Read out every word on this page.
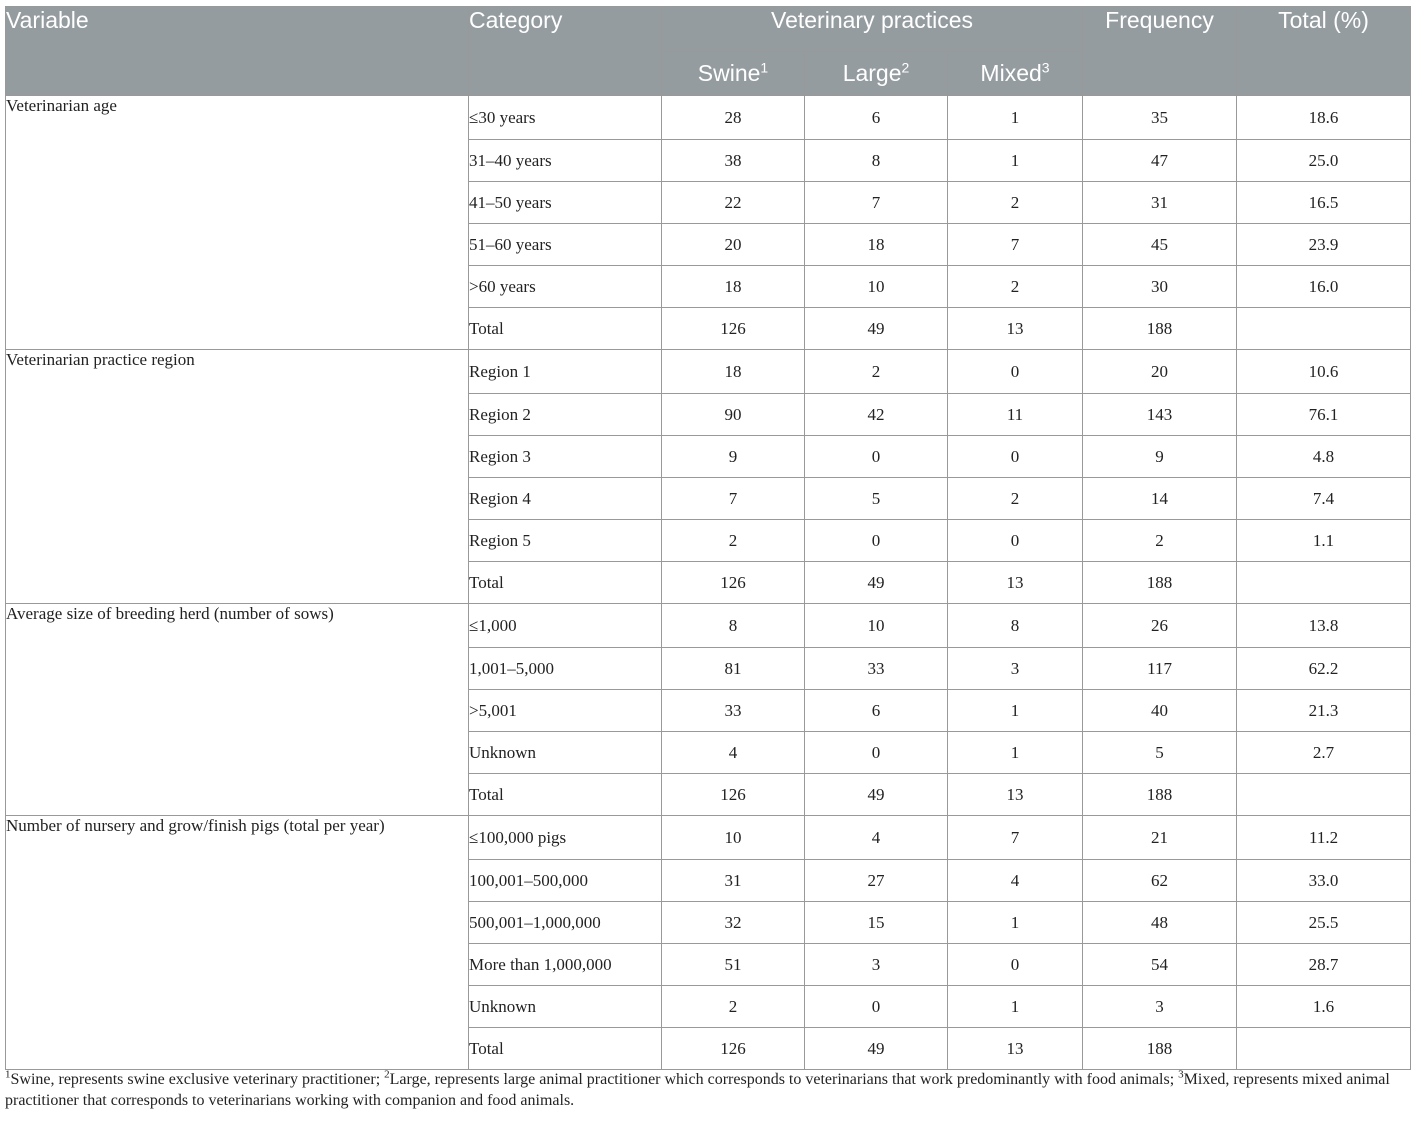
Variable	Category	Veterinary practices			Frequency	Total (%)
		Swine$^1$	Large$^2$	Mixed$^3$
Veterinarian age	≤30 years	28	6	1	35	18.6
	31–40 years	38	8	1	47	25.0
	41–50 years	22	7	2	31	16.5
	51–60 years	20	18	7	45	23.9
	>60 years	18	10	2	30	16.0
	Total	126	49	13	188	
Veterinarian practice region	Region 1	18	2	0	20	10.6
	Region 2	90	42	11	143	76.1
	Region 3	9	0	0	9	4.8
	Region 4	7	5	2	14	7.4
	Region 5	2	0	0	2	1.1
	Total	126	49	13	188	
Average size of breeding herd (number of sows)	≤1,000	8	10	8	26	13.8
	1,001–5,000	81	33	3	117	62.2
	>5,001	33	6	1	40	21.3
	Unknown	4	0	1	5	2.7
	Total	126	49	13	188	
Number of nursery and grow/finish pigs (total per year)	≤100,000 pigs	10	4	7	21	11.2
	100,001–500,000	31	27	4	62	33.0
	500,001–1,000,000	32	15	1	48	25.5
	More than 1,000,000	51	3	0	54	28.7
	Unknown	2	0	1	3	1.6
	Total	126	49	13	188	
$^1$Swine, represents swine exclusive veterinary practitioner; $^2$Large, represents large animal practitioner which corresponds to veterinarians that work predominantly with food animals; $^3$Mixed, represents mixed animal practitioner that corresponds to veterinarians working with companion and food animals.
